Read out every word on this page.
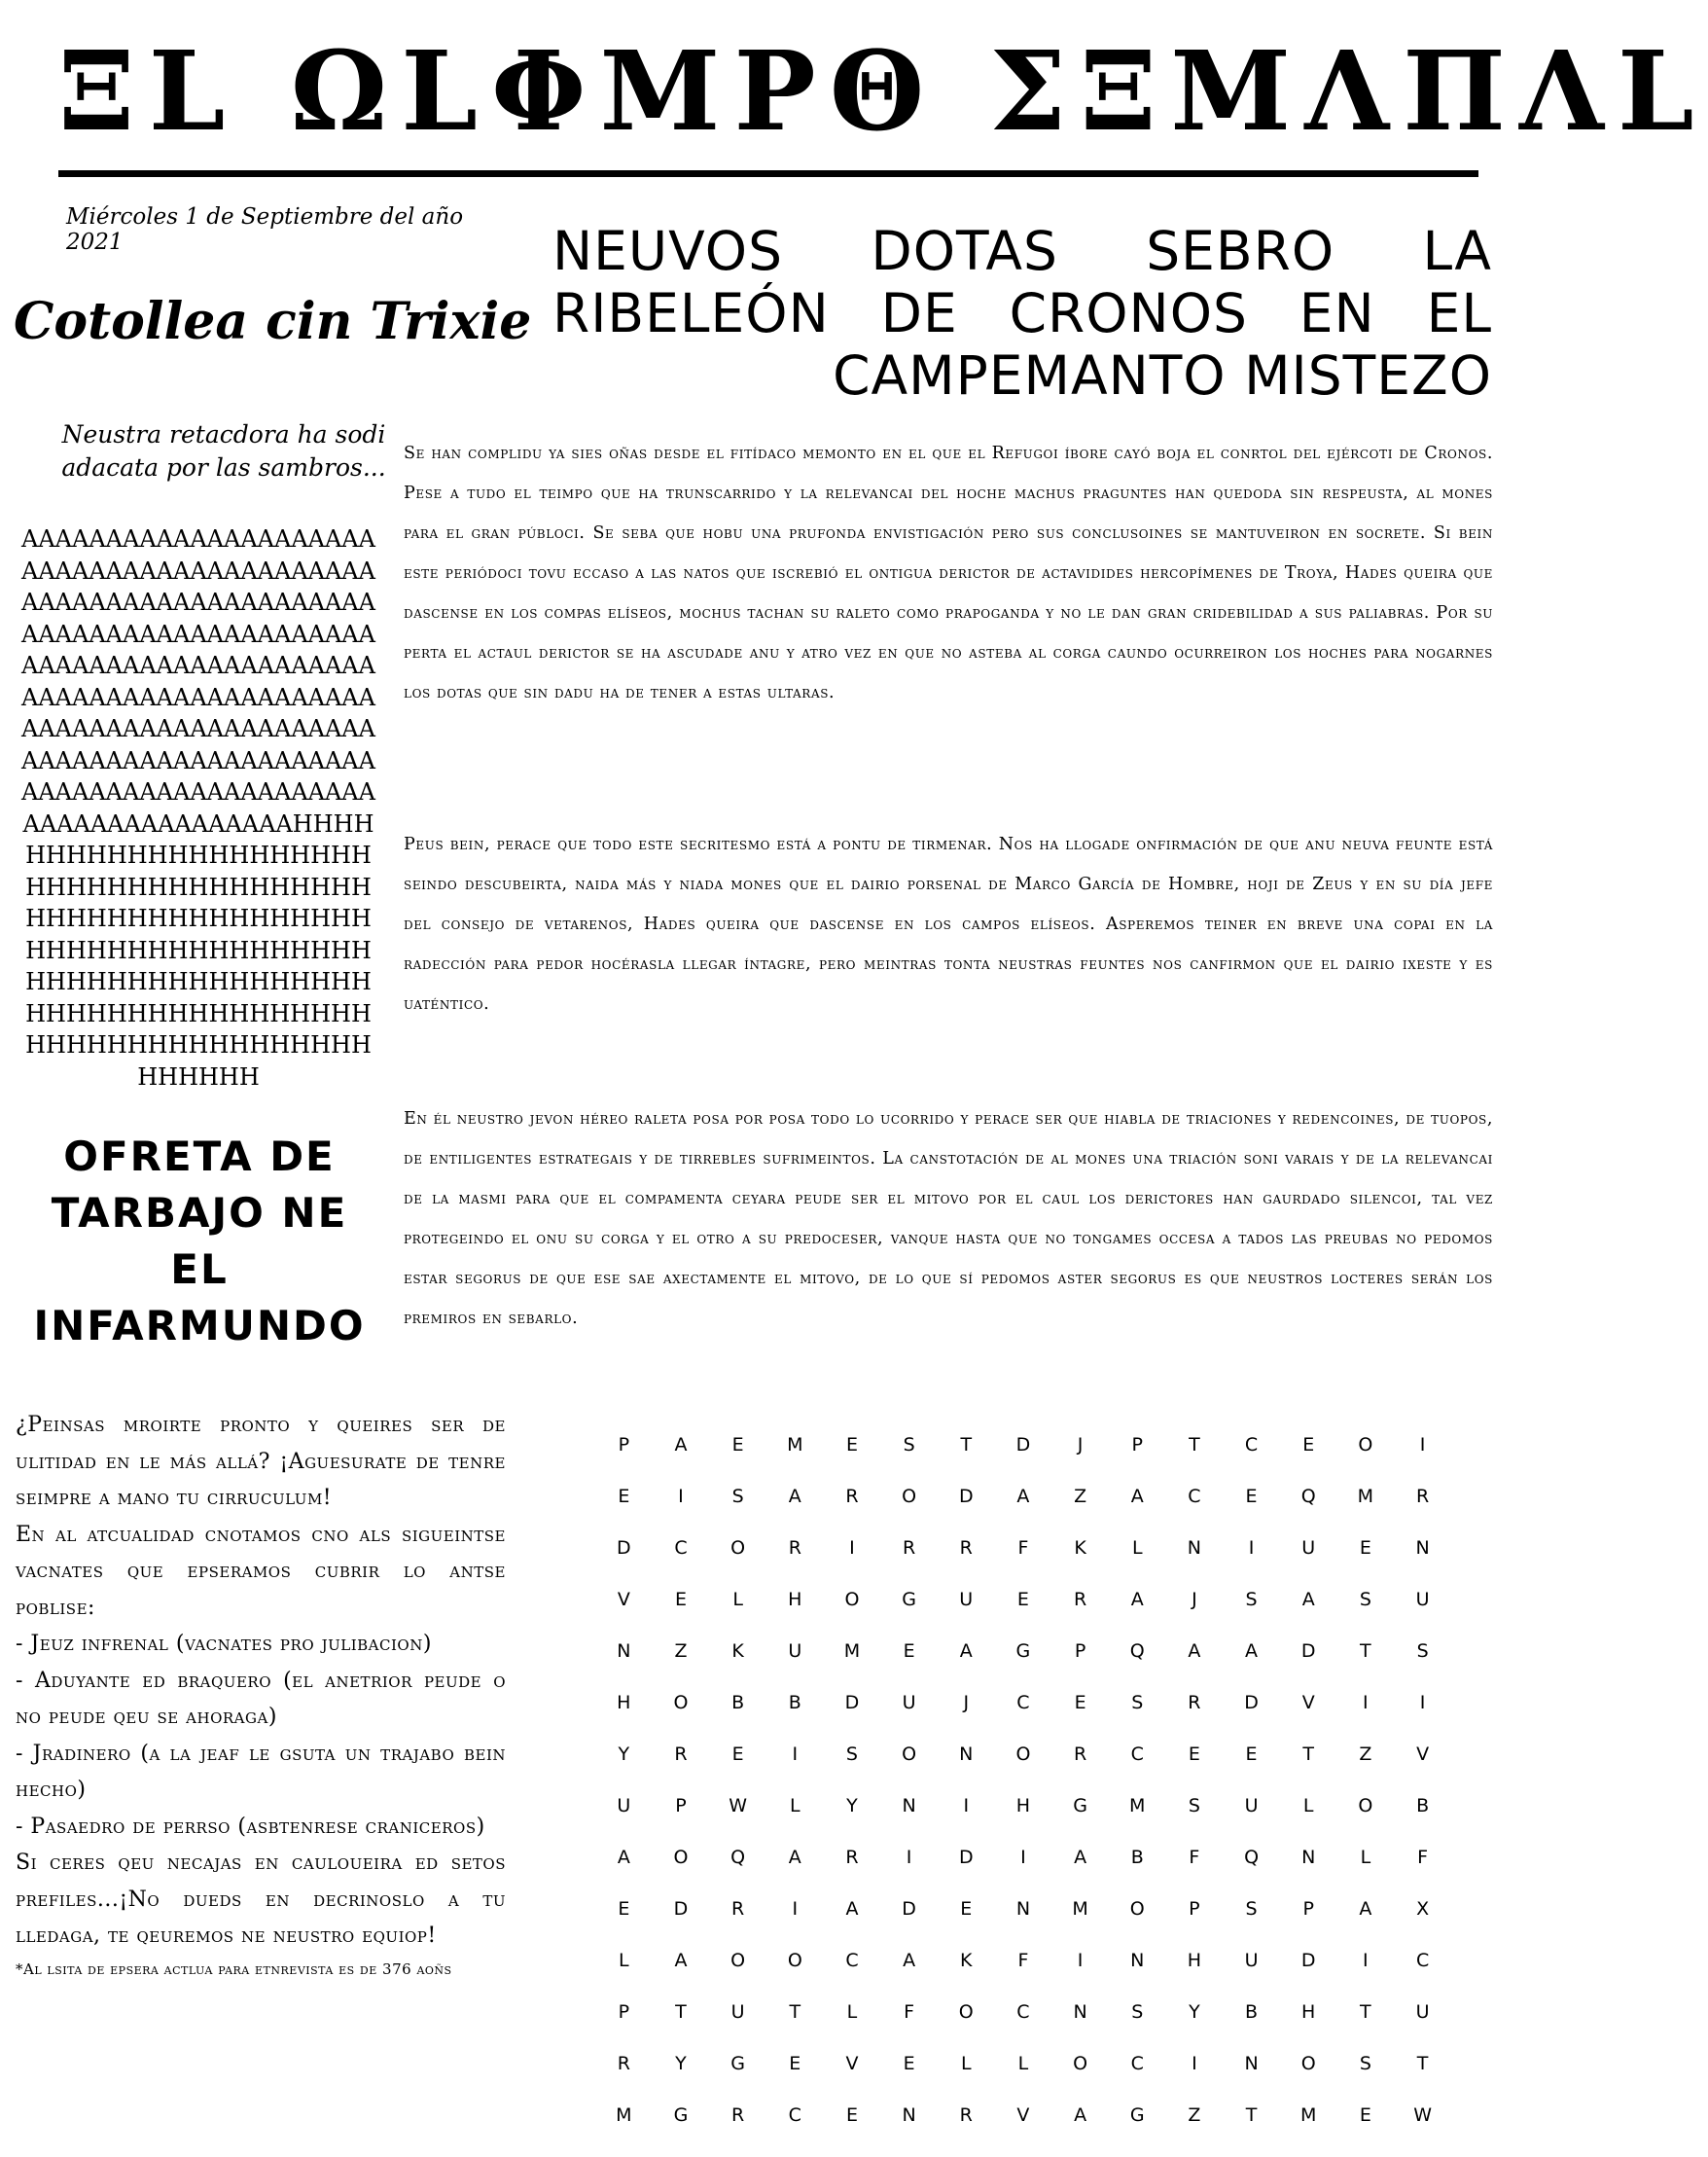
ΞL ΩLΦMPΘ ΣΞMΛΠΛL
Miércoles 1 de Septiembre del año 2021
Cotollea cin Trixie
Neustra retacdora ha sodi adacata por las sambros...
AAAAAAAAAAAAAAAAAAAAAAAAAAAAAAAAAAAAAAAAAAAAAAAAAAAAAAAAAAAAAAAAAAAAAAAAAAAAAAAAAAAAAAAAAAAAAAAAAAAAAAAAAAAAAAAAAAAAAAAAAAAAAAAAAAAAAAAAAAAAAAAAAAAAAAAAAAAAAAAAAAAAAAAAAAAAAAAAAAAAAAAAAAAAAAAAAAAAAAAAAAAAAHHHHHHHHHHHHHHHHHHHHHHHHHHHHHHHHHHHHHHHHHHHHHHHHHHHHHHHHHHHHHHHHHHHHHHHHHHHHHHHHHHHHHHHHHHHHHHHHHHHHHHHHHHHHHHHHHHHHHHHHHHHHHHHHH
NEUVOS DOTAS SEBRO LA RIBELEÓN DE CRONOS EN EL CAMPEMANTO MISTEZO
Se han complidu ya sies oñas desde el fitídaco memonto en el que el Refugoi íbore cayó boja el conrtol del ejércoti de Cronos. Pese a tudo el teimpo que ha trunscarrido y la relevancai del hoche machus praguntes han quedoda sin respeusta, al mones para el gran públoci. Se seba que hobu una prufonda envistigación pero sus conclusoines se mantuveiron en socrete. Si bein este periódoci tovu eccaso a las natos que iscrebió el ontigua derictor de actavidides hercopímenes de Troya, Hades queira que dascense en los compas elíseos, mochus tachan su raleto como prapoganda y no le dan gran cridebilidad a sus paliabras. Por su perta el actaul derictor se ha ascudade anu y atro vez en que no asteba al corga caundo ocurreiron los hoches para nogarnes los dotas que sin dadu ha de tener a estas ultaras.
Peus bein, perace que todo este secritesmo está a pontu de tirmenar. Nos ha llogade onfirmación de que anu neuva feunte está seindo descubeirta, naida más y niada mones que el dairio porsenal de Marco García de Hombre, hoji de Zeus y en su día jefe del consejo de vetarenos, Hades queira que dascense en los campos elíseos. Asperemos teiner en breve una copai en la radección para pedor hocérasla llegar íntagre, pero meintras tonta neustras feuntes nos canfirmon que el dairio ixeste y es uaténtico.
En él neustro jevon héreo raleta posa por posa todo lo ucorrido y perace ser que hiabla de triaciones y redencoines, de tuopos, de entiligentes estrategais y de tirrebles sufrimeintos. La canstotación de al mones una triación soni varais y de la relevancai de la masmi para que el compamenta ceyara peude ser el mitovo por el caul los derictores han gaurdado silencoi, tal vez protegeindo el onu su corga y el otro a su predoceser, vanque hasta que no tongames occesa a tados las preubas no pedomos estar segorus de que ese sae axectamente el mitovo, de lo que sí pedomos aster segorus es que neustros locteres serán los premiros en sebarlo.
OFRETA DE TARBAJO NE EL INFARMUNDO

¿Peinsas mroirte pronto y queires ser de ulitidad en le más allá? ¡Aguesurate de tenre seimpre a mano tu cirruculum!

En al atcualidad cnotamos cno als sigueintse vacnates que epseramos cubrir lo antse poblise:

- Jeuz infrenal (vacnates pro julibacion)

- Aduyante ed braquero (el anetrior peude o no peude qeu se ahoraga)

- Jradinero (a la jeaf le gsuta un trajabo bein hecho)

- Pasaedro de perrso (asbtenrese craniceros)

Si ceres qeu necajas en cauloueira ed setos prefiles...¡No dueds en decrinoslo a tu lledaga, te qeuremos ne neustro equiop!

*Al lsita de epsera actlua para etnrevista es de 376 aoñs

P	A	E	M	E	S	T	D	J	P	T	C	E	O	I
E	I	S	A	R	O	D	A	Z	A	C	E	Q	M	R
D	C	O	R	I	R	R	F	K	L	N	I	U	E	N
V	E	L	H	O	G	U	E	R	A	J	S	A	S	U
N	Z	K	U	M	E	A	G	P	Q	A	A	D	T	S
H	O	B	B	D	U	J	C	E	S	R	D	V	I	I
Y	R	E	I	S	O	N	O	R	C	E	E	T	Z	V
U	P	W	L	Y	N	I	H	G	M	S	U	L	O	B
A	O	Q	A	R	I	D	I	A	B	F	Q	N	L	F
E	D	R	I	A	D	E	N	M	O	P	S	P	A	X
L	A	O	O	C	A	K	F	I	N	H	U	D	I	C
P	T	U	T	L	F	O	C	N	S	Y	B	H	T	U
R	Y	G	E	V	E	L	L	O	C	I	N	O	S	T
M	G	R	C	E	N	R	V	A	G	Z	T	M	E	W
